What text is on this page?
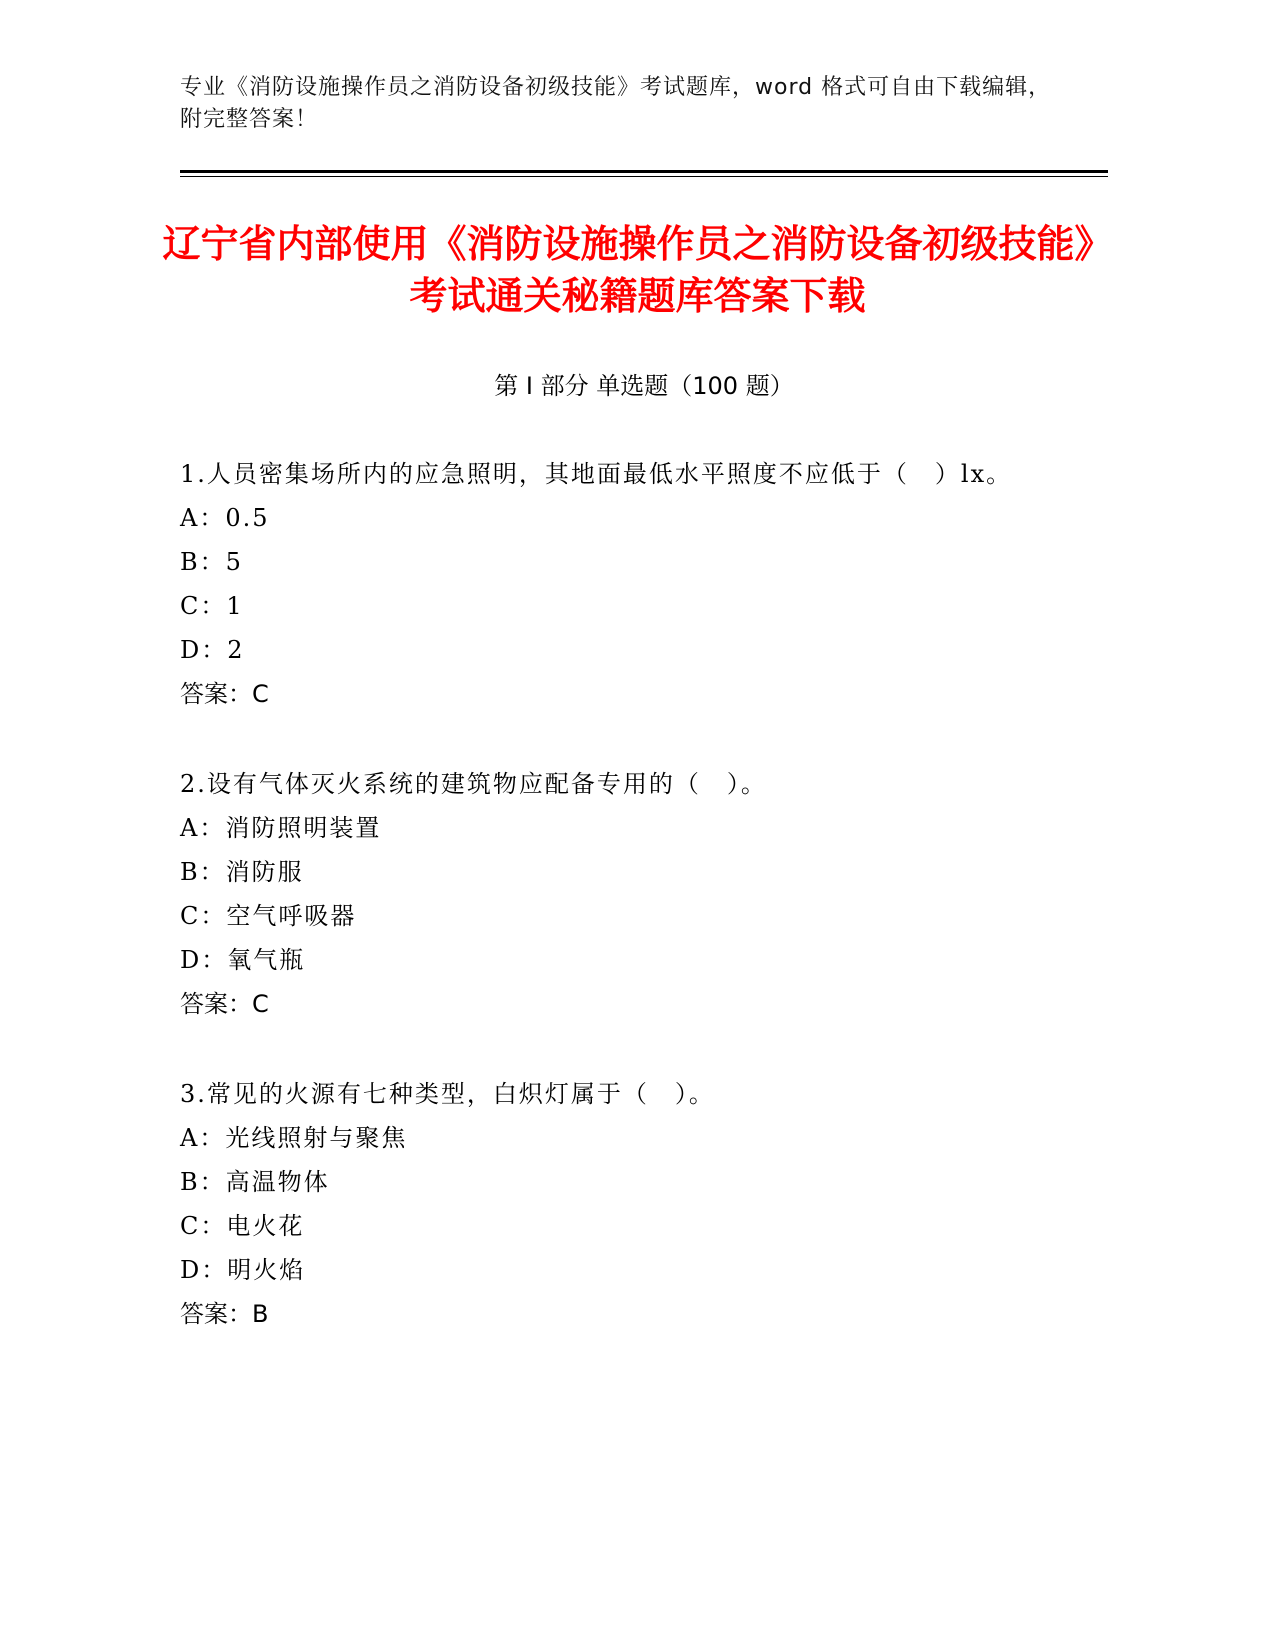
专业《消防设施操作员之消防设备初级技能》考试题库，word 格式可自由下载编辑，附完整答案！
辽宁省内部使用《消防设施操作员之消防设备初级技能》考试通关秘籍题库答案下载
第 I 部分 单选题（100 题）
1.人员密集场所内的应急照明，其地面最低水平照度不应低于（　）lx。
A：0.5
B：5
C：1
D：2
答案：C
2.设有气体灭火系统的建筑物应配备专用的（　）。
A：消防照明装置
B：消防服
C：空气呼吸器
D：氧气瓶
答案：C
3.常见的火源有七种类型，白炽灯属于（　）。
A：光线照射与聚焦
B：高温物体
C：电火花
D：明火焰
答案：B
